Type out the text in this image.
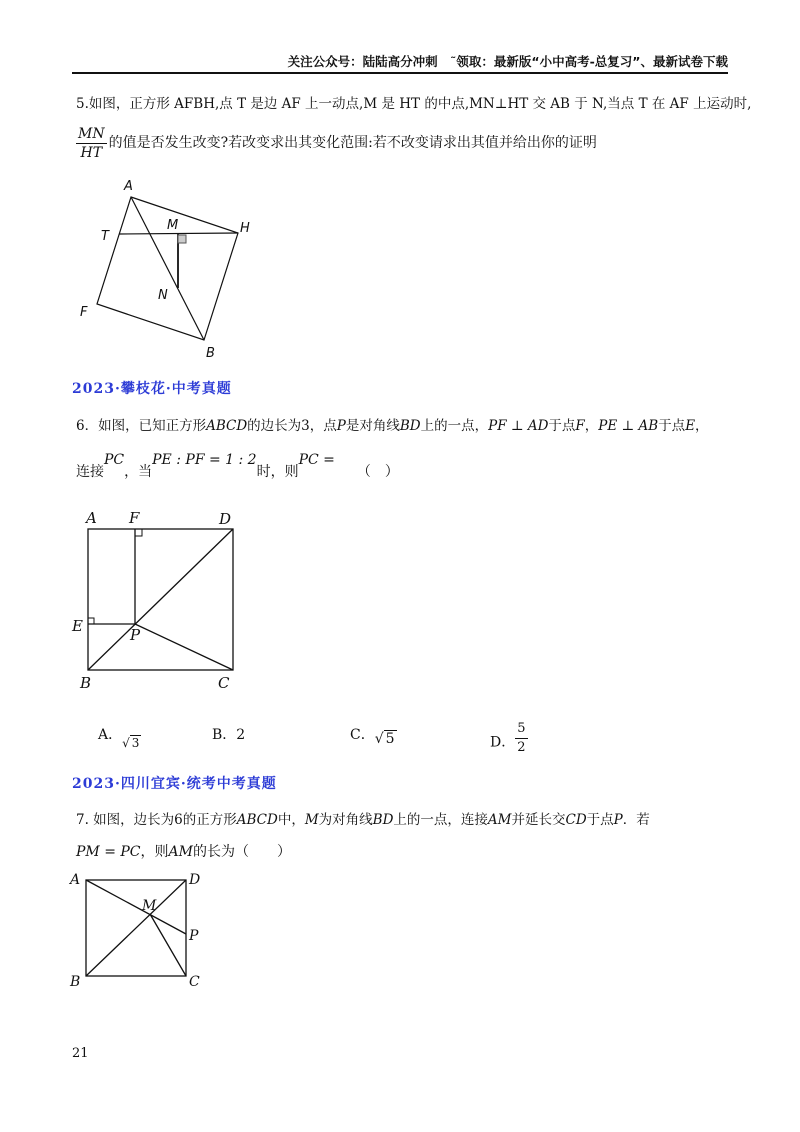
关注公众号：陆陆高分冲刺　˜领取：最新版“小中高考-总复习”、最新试卷下载
5.如图，正方形 AFBH,点 T 是边 AF 上一动点,M 是 HT 的中点,MN⊥HT 交 AB 于 N,当点 T 在 AF 上运动时,
$\frac{MN}{HT}$ 的值是否发生改变?若改变求出其变化范围:若不改变请求出其值并给出你的证明
A
M
T
H
N
F
B
2023·攀枝花·中考真题
6．如图，已知正方形ABCD的边长为3，点P是对角线BD上的一点，PF ⊥ AD于点F，PE ⊥ AB于点E，
连接PC，当PE : PF = 1 : 2时，则PC =（　）
A F	D
E	P
B	C
A．√ 3	B．2	C．√ 5	D． $\frac{5}{2}$
2023·四川宜宾·统考中考真题
7. 如图，边长为6的正方形ABCD中，M为对角线BD上的一点，连接AM并延长交CD于点P．若
PM = PC，则AM的长为（　　）
A	D
M
P
B	C
21
